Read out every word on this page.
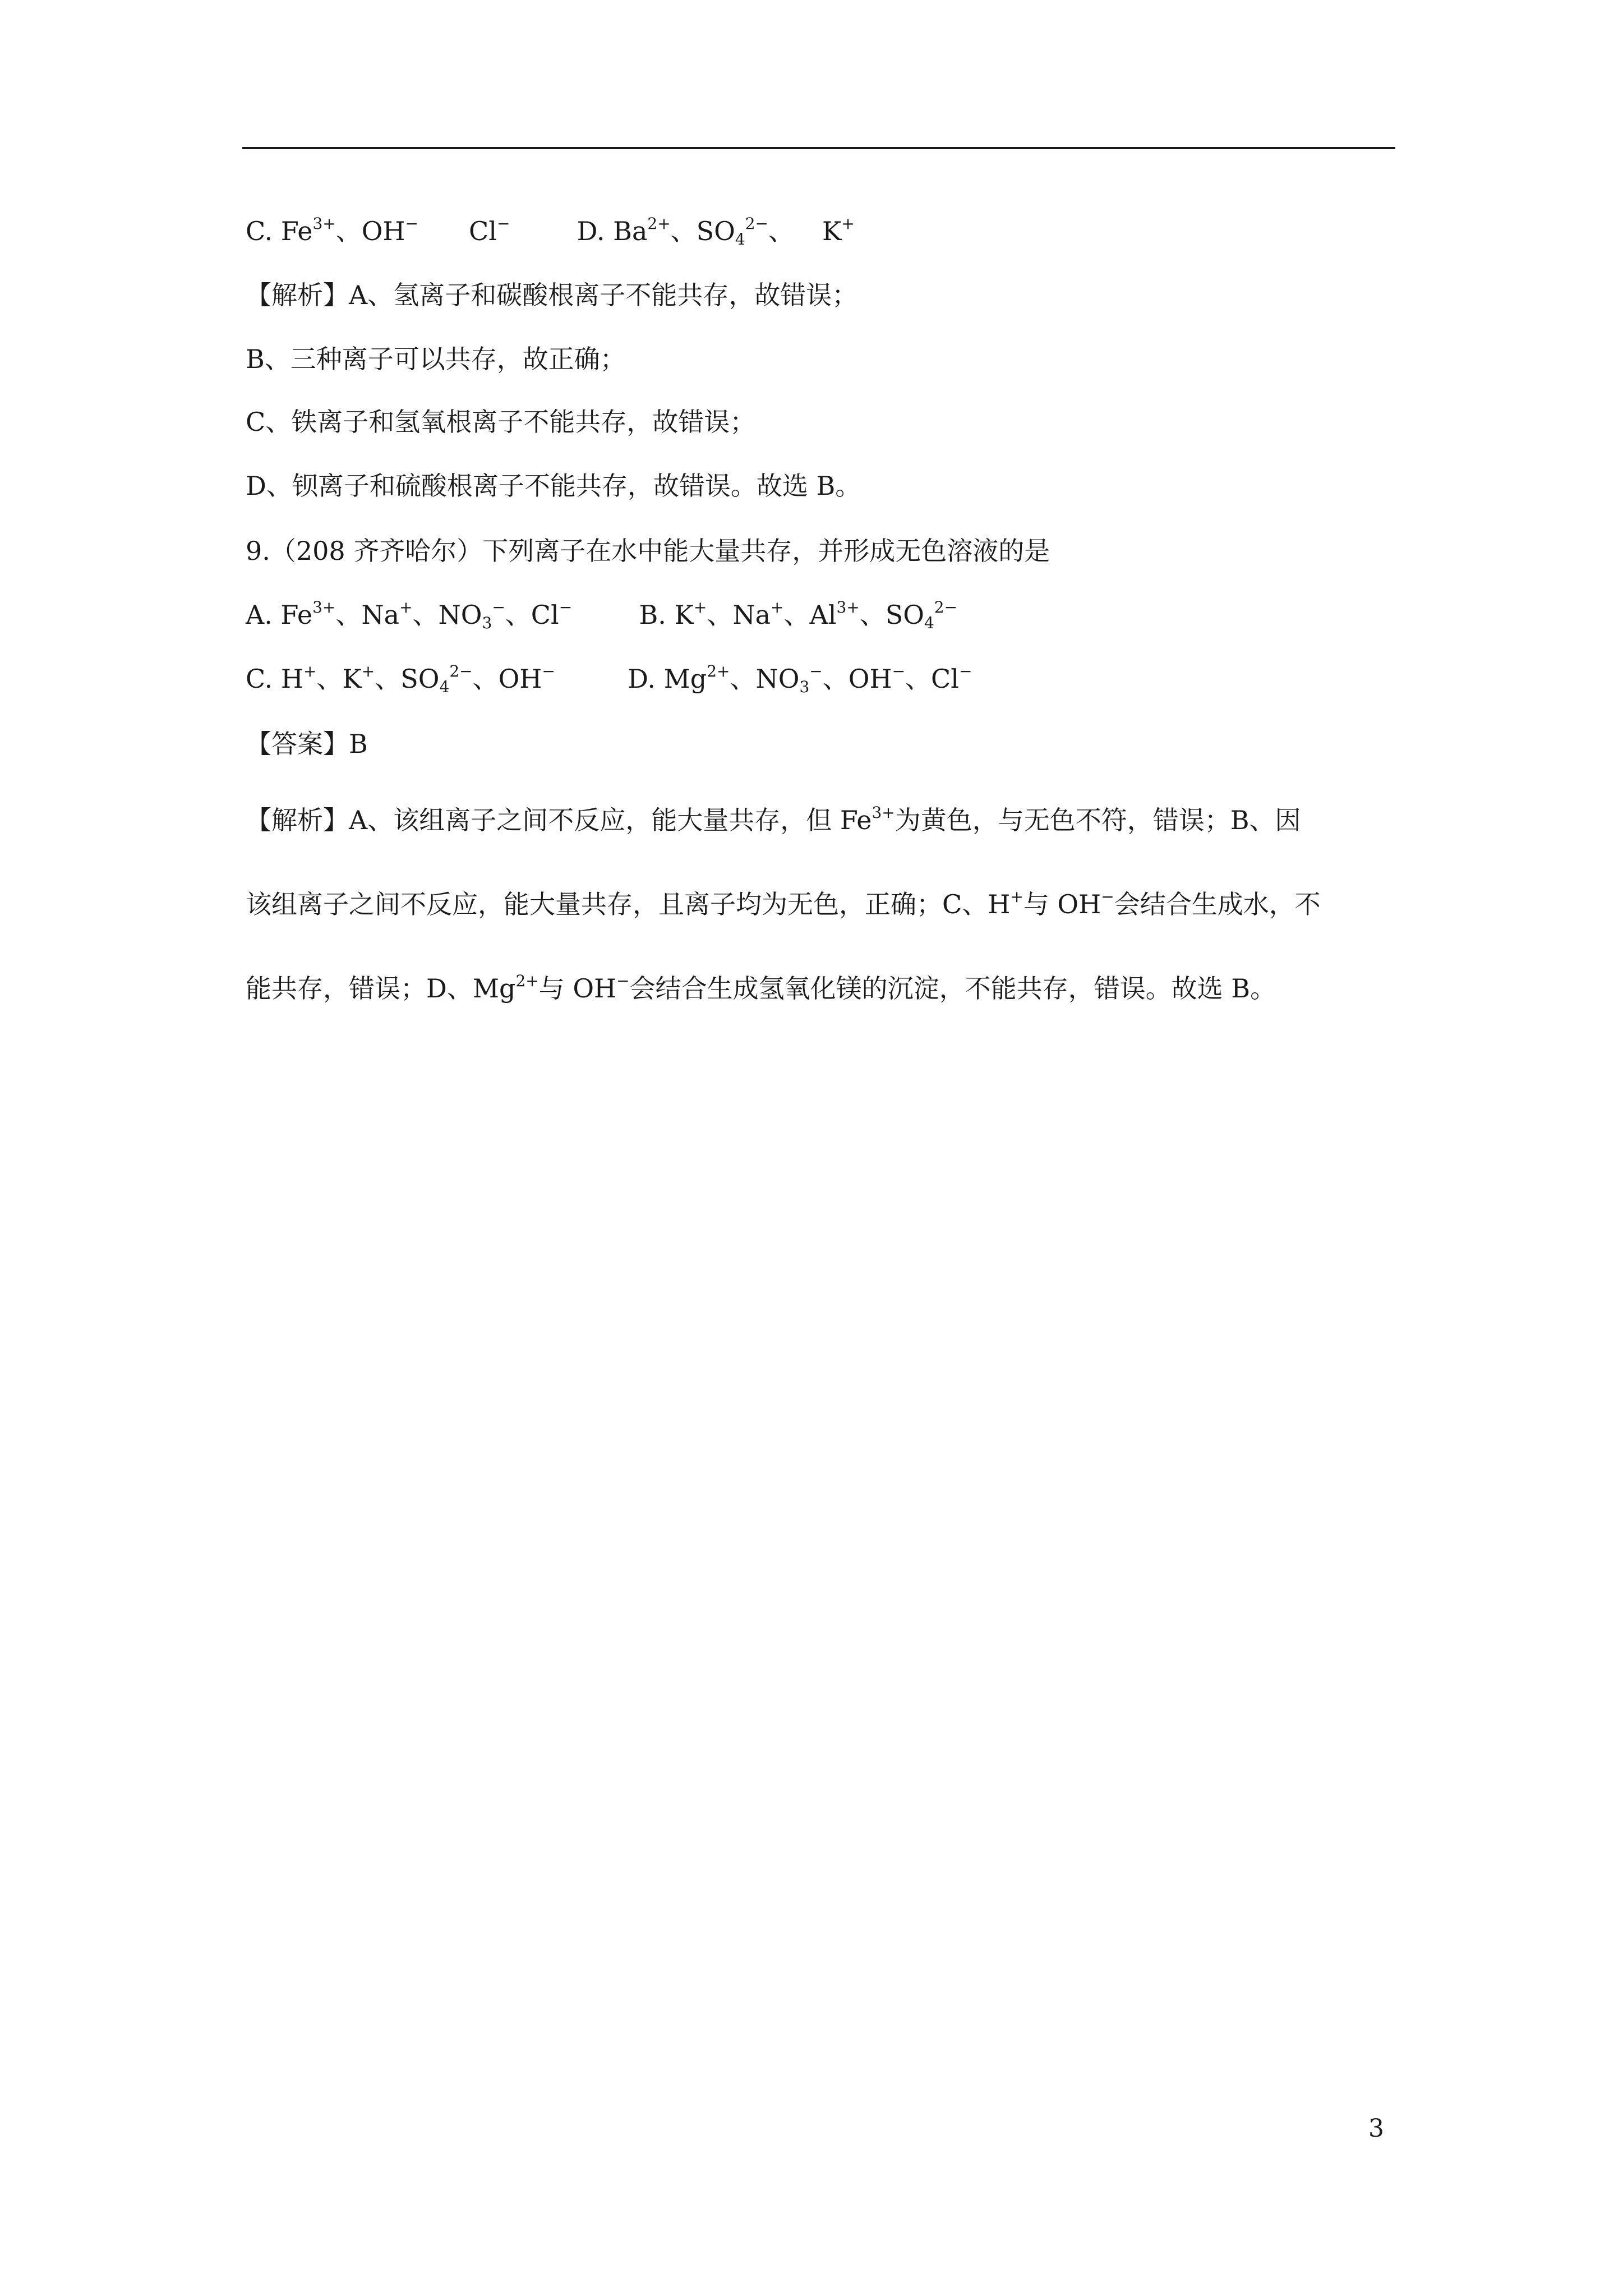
C. $Fe^{3+}$、OH− Cl−	D. $Ba^{2+}$、$SO_4^{2-}$、 K+
【解析】A、氢离子和碳酸根离子不能共存，故错误；
B、三种离子可以共存，故正确；
C、铁离子和氢氧根离子不能共存，故错误；
D、钡离子和硫酸根离子不能共存，故错误。故选 B。
9.（208 齐齐哈尔）下列离子在水中能大量共存，并形成无色溶液的是
A. $Fe^{3+}$、Na+、$NO_3^-$、Cl−	B. K+、Na+、$Al^{3+}$、$SO_4^{2-}$
C. H+、K+、$SO_4^{2-}$、OH−	D. $Mg^{2+}$、$NO_3^-$、OH−、Cl−
【答案】B
【解析】A、该组离子之间不反应，能大量共存，但 $Fe^{3+}$为黄色，与无色不符，错误；B、因
该组离子之间不反应，能大量共存，且离子均为无色，正确；C、H+与 OH−会结合生成水，不
能共存，错误；D、$Mg^{2+}$与 OH−会结合生成氢氧化镁的沉淀，不能共存，错误。故选 B。
3
